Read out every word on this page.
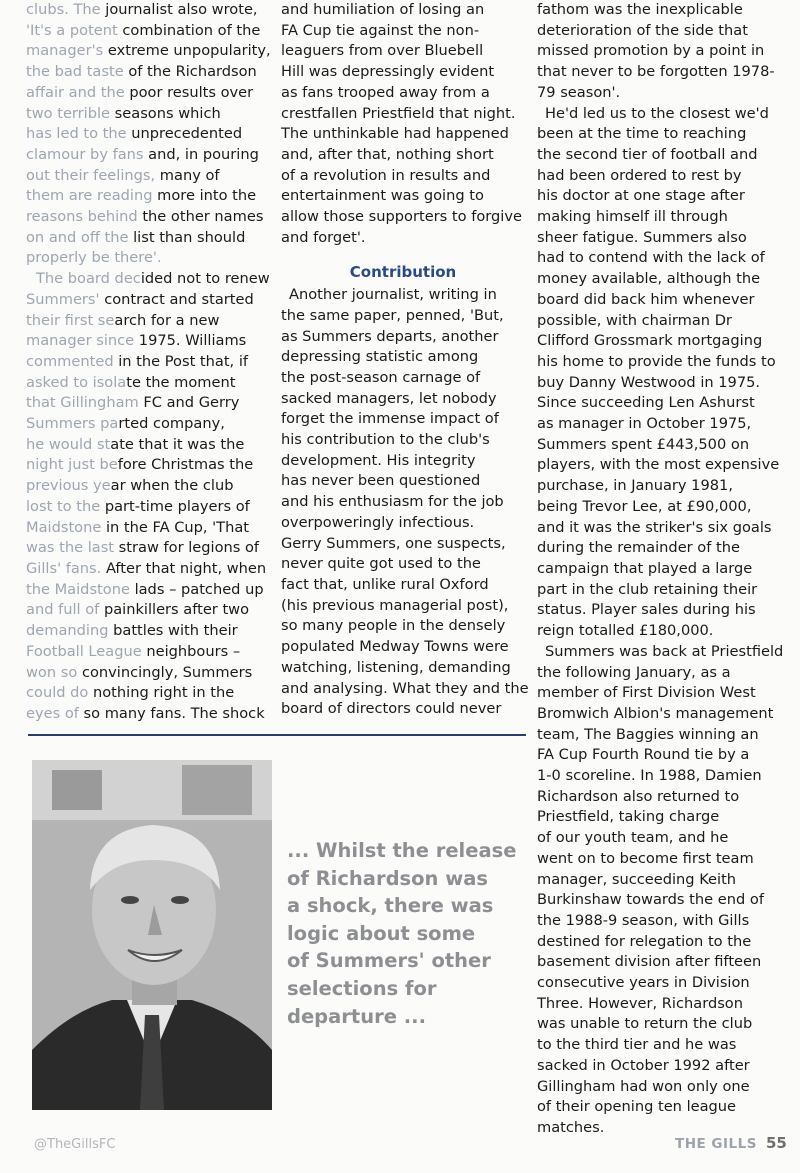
clubs. The journalist also wrote,
'It's a potent combination of the
manager's extreme unpopularity,
the bad taste of the Richardson
affair and the poor results over
two terrible seasons which
has led to the unprecedented
clamour by fans and, in pouring
out their feelings, many of
them are reading more into the
reasons behind the other names
on and off the list than should
properly be there'.
The board decided not to renew
Summers' contract and started
their first search for a new
manager since 1975. Williams
commented in the Post that, if
asked to isolate the moment
that Gillingham FC and Gerry
Summers parted company,
he would state that it was the
night just before Christmas the
previous year when the club
lost to the part-time players of
Maidstone in the FA Cup, 'That
was the last straw for legions of
Gills' fans. After that night, when
the Maidstone lads – patched up
and full of painkillers after two
demanding battles with their
Football League neighbours –
won so convincingly, Summers
could do nothing right in the
eyes of so many fans. The shock
and humiliation of losing an
FA Cup tie against the non-
leaguers from over Bluebell
Hill was depressingly evident
as fans trooped away from a
crestfallen Priestfield that night.
The unthinkable had happened
and, after that, nothing short
of a revolution in results and
entertainment was going to
allow those supporters to forgive
and forget'.
Contribution
Another journalist, writing in
the same paper, penned, 'But,
as Summers departs, another
depressing statistic among
the post-season carnage of
sacked managers, let nobody
forget the immense impact of
his contribution to the club's
development. His integrity
has never been questioned
and his enthusiasm for the job
overpoweringly infectious.
Gerry Summers, one suspects,
never quite got used to the
fact that, unlike rural Oxford
(his previous managerial post),
so many people in the densely
populated Medway Towns were
watching, listening, demanding
and analysing. What they and the
board of directors could never
fathom was the inexplicable
deterioration of the side that
missed promotion by a point in
that never to be forgotten 1978-
79 season'.
He'd led us to the closest we'd
been at the time to reaching
the second tier of football and
had been ordered to rest by
his doctor at one stage after
making himself ill through
sheer fatigue. Summers also
had to contend with the lack of
money available, although the
board did back him whenever
possible, with chairman Dr
Clifford Grossmark mortgaging
his home to provide the funds to
buy Danny Westwood in 1975.
Since succeeding Len Ashurst
as manager in October 1975,
Summers spent £443,500 on
players, with the most expensive
purchase, in January 1981,
being Trevor Lee, at £90,000,
and it was the striker's six goals
during the remainder of the
campaign that played a large
part in the club retaining their
status. Player sales during his
reign totalled £180,000.
Summers was back at Priestfield
the following January, as a
member of First Division West
Bromwich Albion's management
team, The Baggies winning an
FA Cup Fourth Round tie by a
1-0 scoreline. In 1988, Damien
Richardson also returned to
Priestfield, taking charge
of our youth team, and he
went on to become first team
manager, succeeding Keith
Burkinshaw towards the end of
the 1988-9 season, with Gills
destined for relegation to the
basement division after fifteen
consecutive years in Division
Three. However, Richardson
was unable to return the club
to the third tier and he was
sacked in October 1992 after
Gillingham had won only one
of their opening ten league
matches.
... Whilst the release
of Richardson was
a shock, there was
logic about some
of Summers' other
selections for
departure ...
@TheGillsFC	THE GILLS 55
